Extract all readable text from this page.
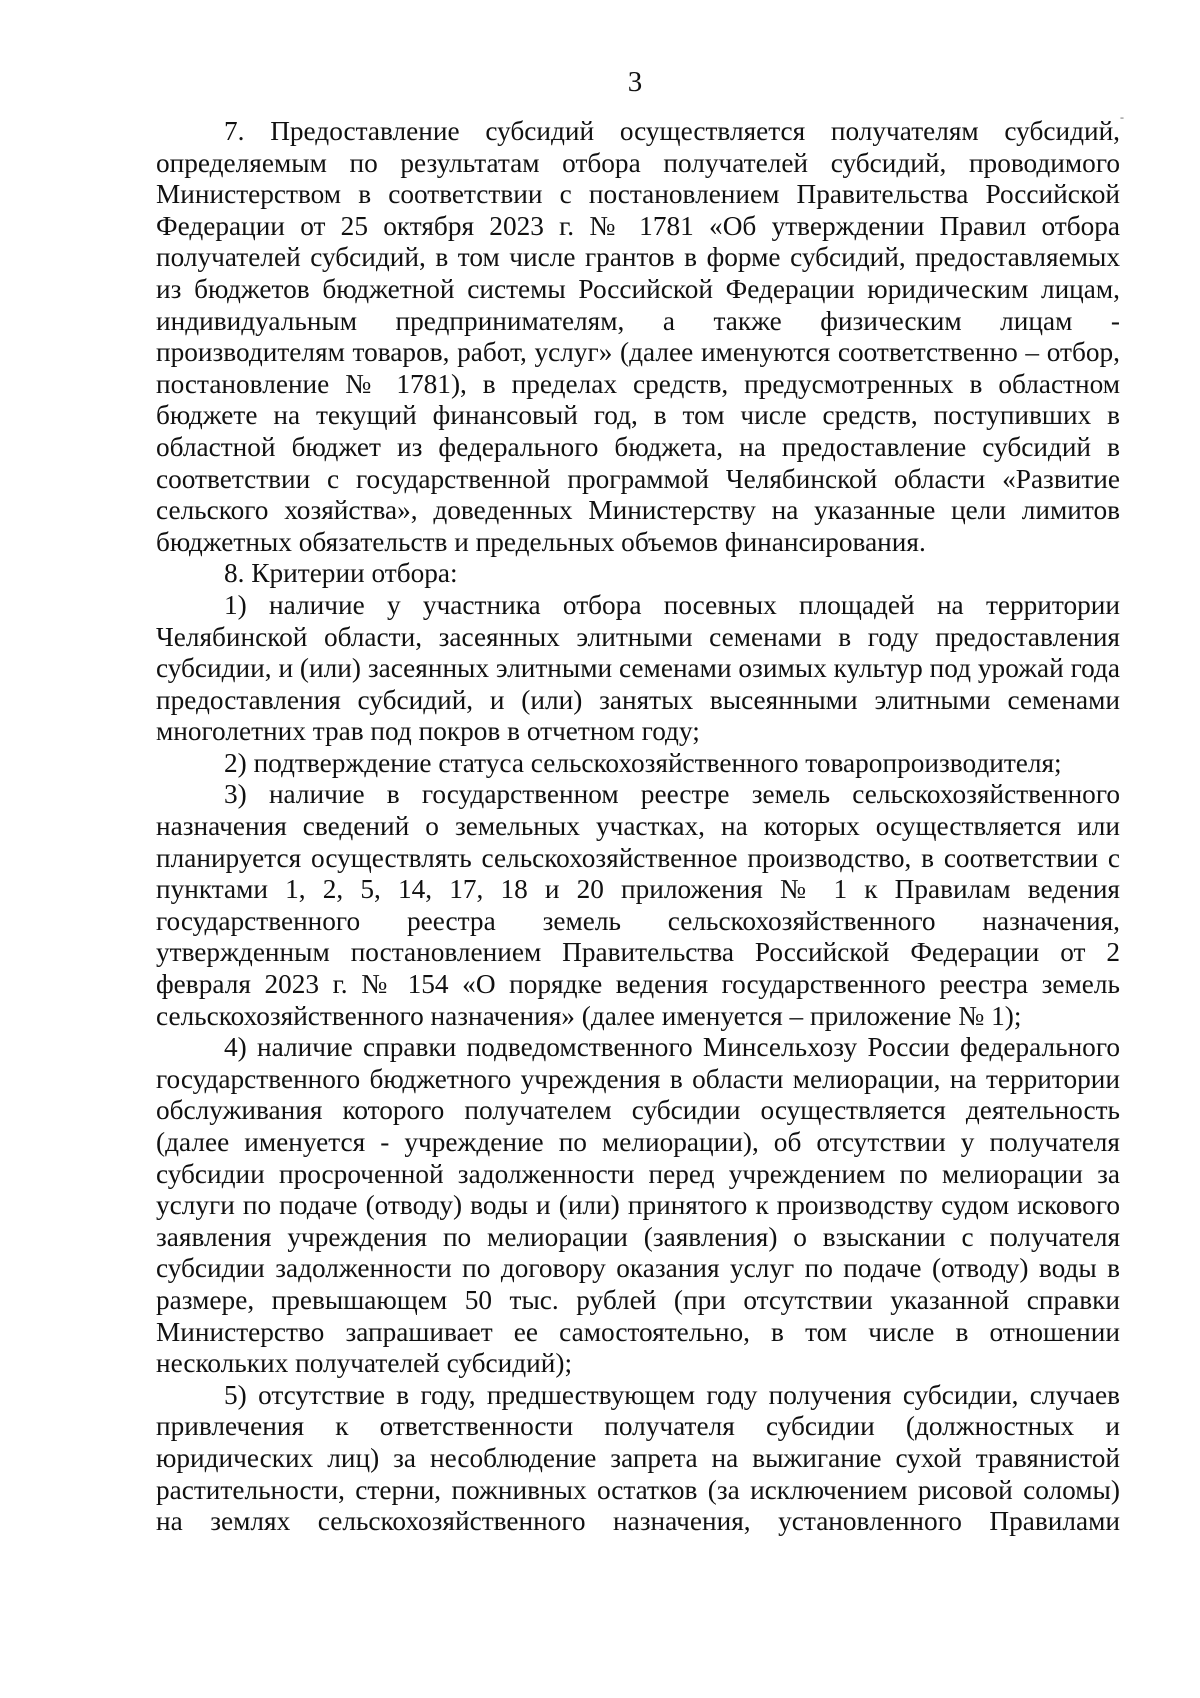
3
-

7. Предоставление субсидий осуществляется получателям субсидий, определяемым по результатам отбора получателей субсидий, проводимого Министерством в соответствии с постановлением Правительства Российской Федерации от 25 октября 2023 г. № 1781 «Об утверждении Правил отбора получателей субсидий, в том числе грантов в форме субсидий, предоставляемых из бюджетов бюджетной системы Российской Федерации юридическим лицам, индивидуальным предпринимателям, а также физическим лицам - производителям товаров, работ, услуг» (далее именуются соответственно – отбор, постановление № 1781), в пределах средств, предусмотренных в областном бюджете на текущий финансовый год, в том числе средств, поступивших в областной бюджет из федерального бюджета, на предоставление субсидий в соответствии с государственной программой Челябинской области «Развитие сельского хозяйства», доведенных Министерству на указанные цели лимитов бюджетных обязательств и предельных объемов финансирования.

8. Критерии отбора:

1) наличие у участника отбора посевных площадей на территории Челябинской области, засеянных элитными семенами в году предоставления субсидии, и (или) засеянных элитными семенами озимых культур под урожай года предоставления субсидий, и (или) занятых высеянными элитными семенами многолетних трав под покров в отчетном году;

2) подтверждение статуса сельскохозяйственного товаропроизводителя;

3) наличие в государственном реестре земель сельскохозяйственного назначения сведений о земельных участках, на которых осуществляется или планируется осуществлять сельскохозяйственное производство, в соответствии с пунктами 1, 2, 5, 14, 17, 18 и 20 приложения № 1 к Правилам ведения государственного реестра земель сельскохозяйственного назначения, утвержденным постановлением Правительства Российской Федерации от 2 февраля 2023 г. № 154 «О порядке ведения государственного реестра земель сельскохозяйственного назначения» (далее именуется – приложение № 1);

4) наличие справки подведомственного Минсельхозу России федерального государственного бюджетного учреждения в области мелиорации, на территории обслуживания которого получателем субсидии осуществляется деятельность (далее именуется - учреждение по мелиорации), об отсутствии у получателя субсидии просроченной задолженности перед учреждением по мелиорации за услуги по подаче (отводу) воды и (или) принятого к производству судом искового заявления учреждения по мелиорации (заявления) о взыскании с получателя субсидии задолженности по договору оказания услуг по подаче (отводу) воды в размере, превышающем 50 тыс. рублей (при отсутствии указанной справки Министерство запрашивает ее самостоятельно, в том числе в отношении нескольких получателей субсидий);

5) отсутствие в году, предшествующем году получения субсидии, случаев привлечения к ответственности получателя субсидии (должностных и юридических лиц) за несоблюдение запрета на выжигание сухой травянистой растительности, стерни, пожнивных остатков (за исключением рисовой соломы) на землях сельскохозяйственного назначения, установленного Правилами
